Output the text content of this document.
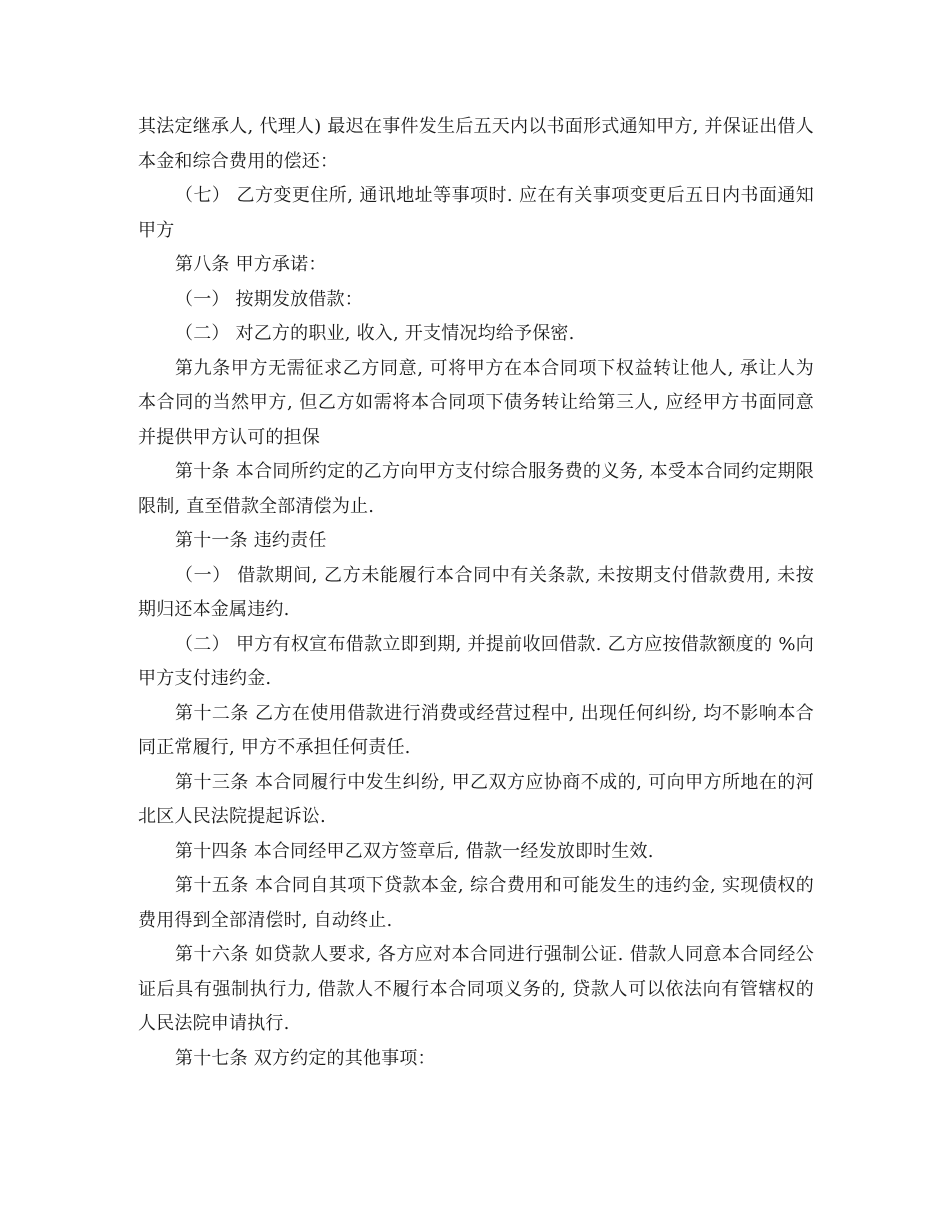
其法定继承人, 代理人) 最迟在事件发生后五天内以书面形式通知甲方, 并保证出借人本金和综合费用的偿还：

（七） 乙方变更住所, 通讯地址等事项时. 应在有关事项变更后五日内书面通知甲方

第八条 甲方承诺：

（一） 按期发放借款：

（二） 对乙方的职业, 收入, 开支情况均给予保密.

第九条甲方无需征求乙方同意, 可将甲方在本合同项下权益转让他人, 承让人为本合同的当然甲方, 但乙方如需将本合同项下债务转让给第三人, 应经甲方书面同意并提供甲方认可的担保

第十条 本合同所约定的乙方向甲方支付综合服务费的义务, 本受本合同约定期限限制, 直至借款全部清偿为止.

第十一条 违约责任

（一） 借款期间, 乙方未能履行本合同中有关条款, 未按期支付借款费用, 未按期归还本金属违约.

（二） 甲方有权宣布借款立即到期, 并提前收回借款. 乙方应按借款额度的 %向甲方支付违约金.

第十二条 乙方在使用借款进行消费或经营过程中, 出现任何纠纷, 均不影响本合同正常履行, 甲方不承担任何责任.

第十三条 本合同履行中发生纠纷, 甲乙双方应协商不成的, 可向甲方所地在的河北区人民法院提起诉讼.

第十四条 本合同经甲乙双方签章后, 借款一经发放即时生效.

第十五条 本合同自其项下贷款本金, 综合费用和可能发生的违约金, 实现债权的费用得到全部清偿时, 自动终止.

第十六条 如贷款人要求, 各方应对本合同进行强制公证. 借款人同意本合同经公证后具有强制执行力, 借款人不履行本合同项义务的, 贷款人可以依法向有管辖权的人民法院申请执行.

第十七条 双方约定的其他事项：
